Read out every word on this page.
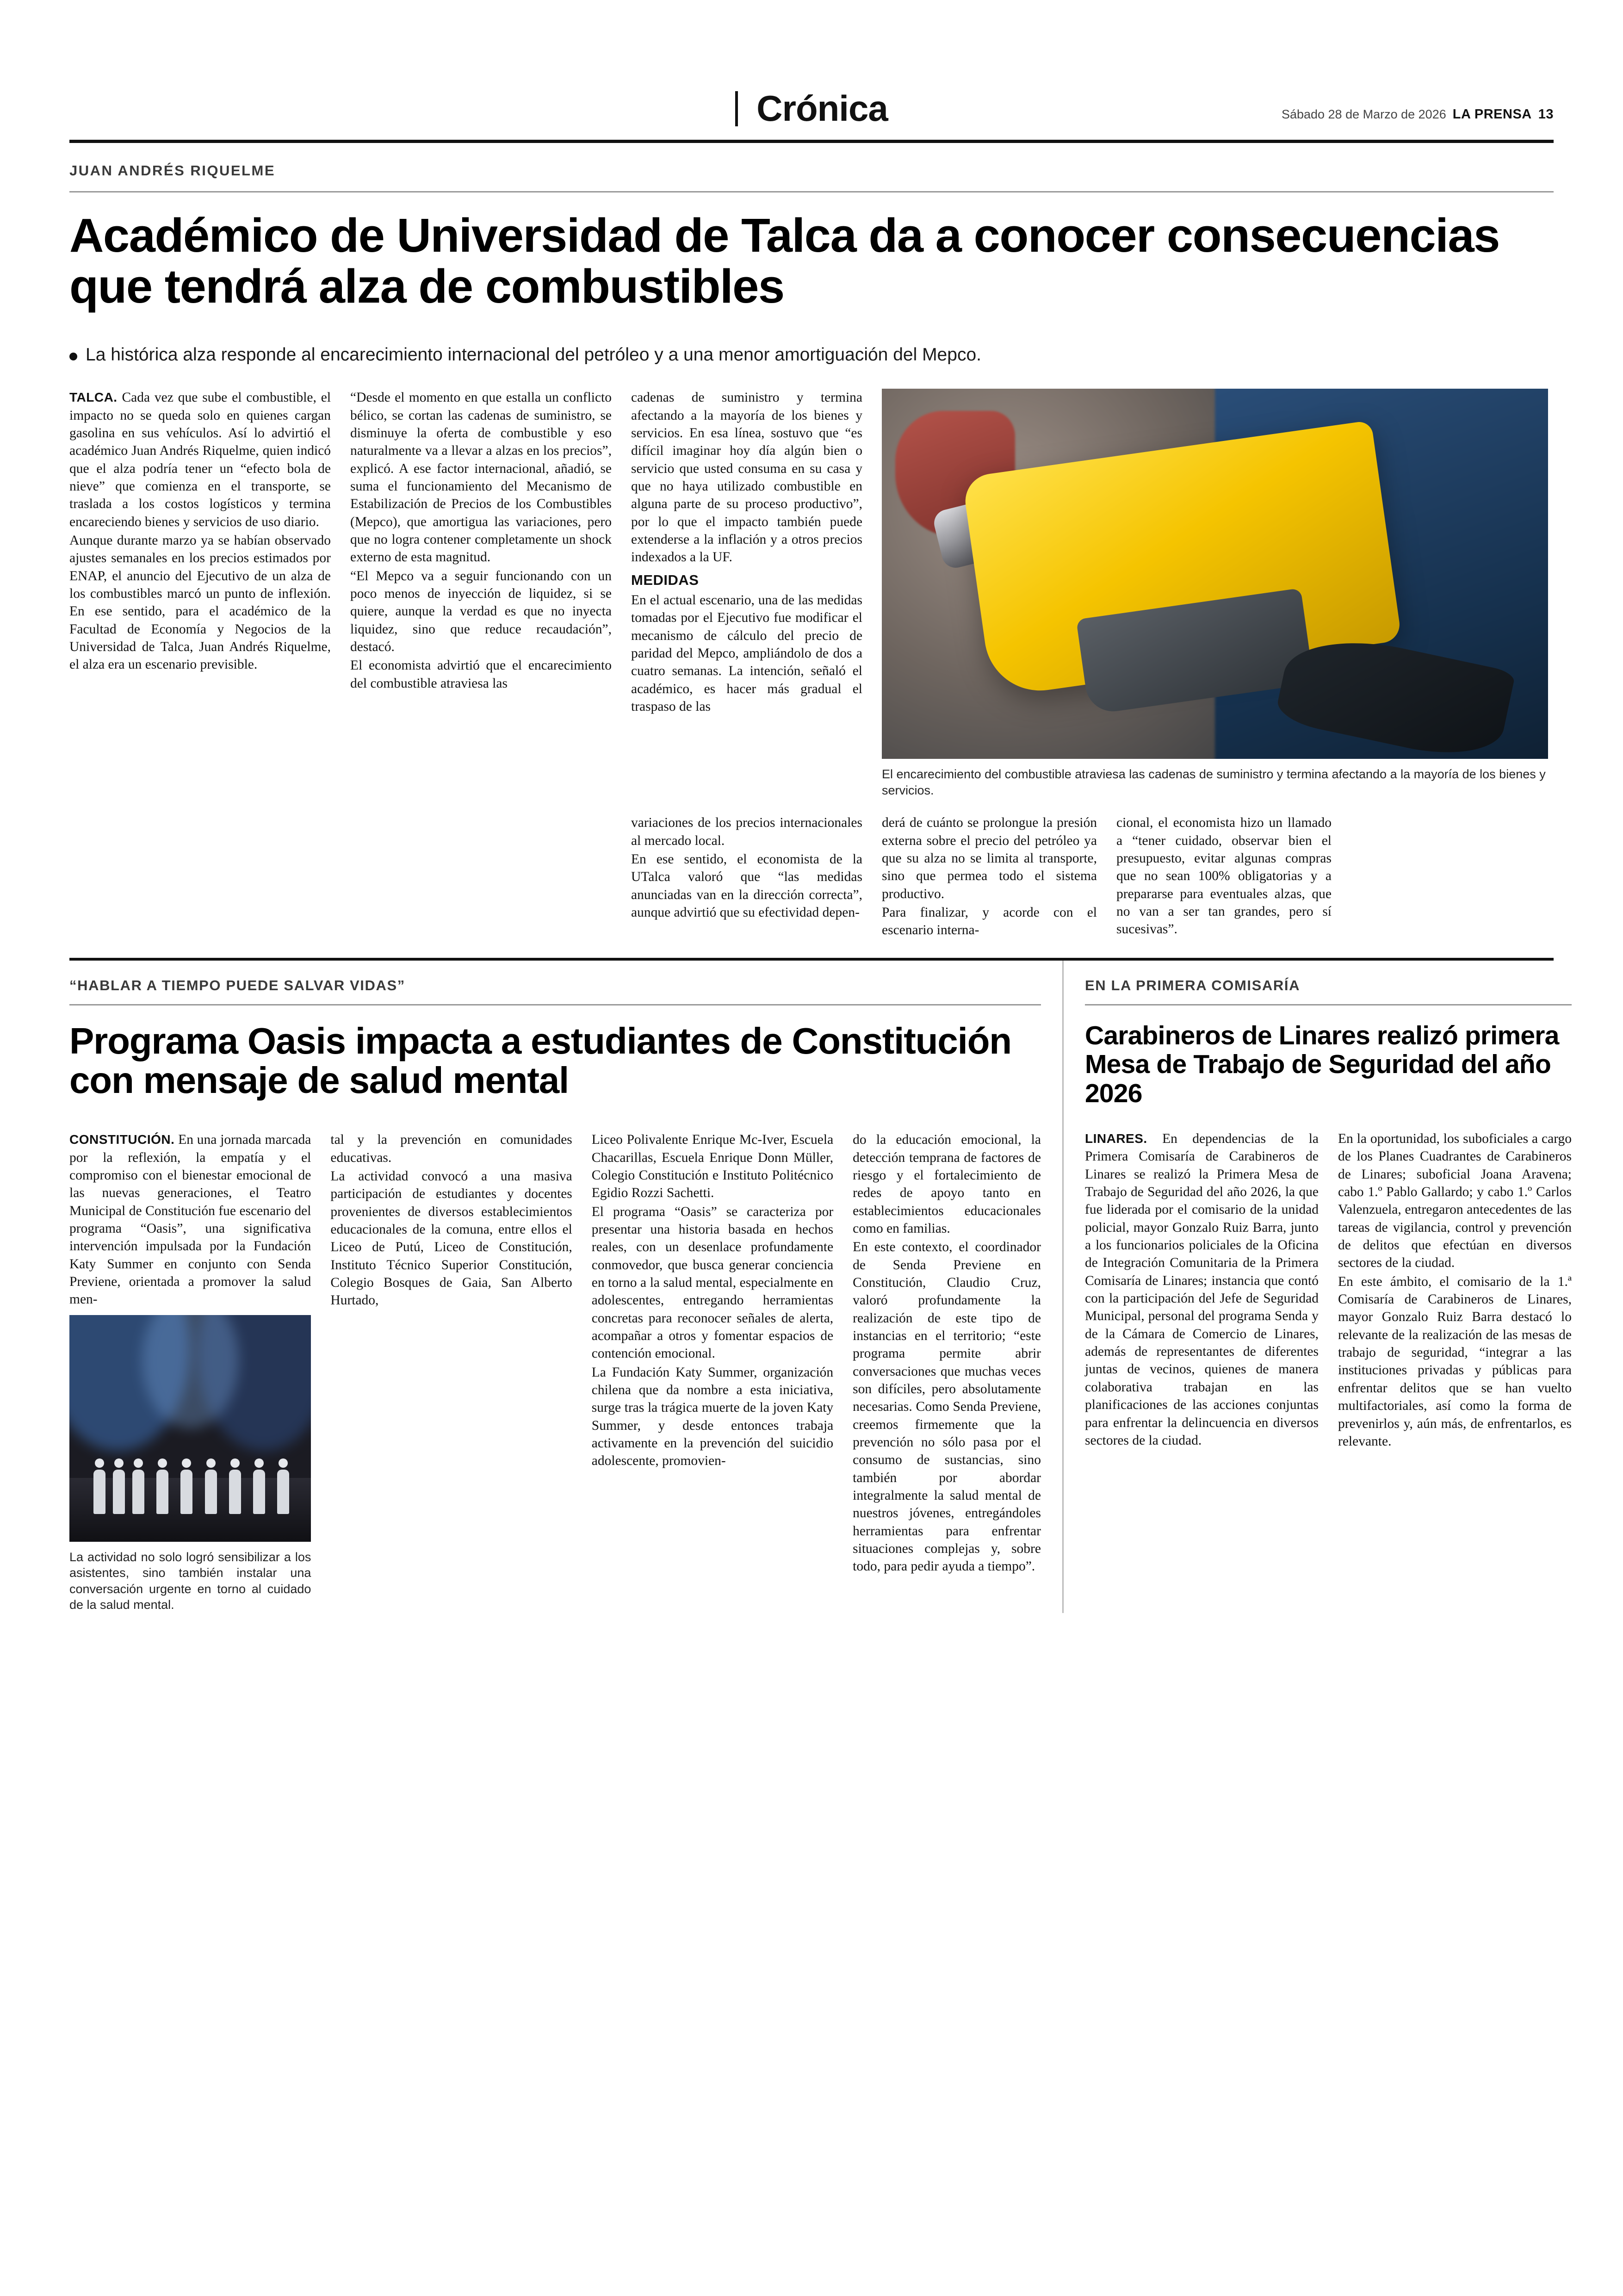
Crónica	Sábado 28 de Marzo de 2026 LA PRENSA 13
JUAN ANDRÉS RIQUELME
Académico de Universidad de Talca da a conocer consecuencias que tendrá alza de combustibles
La histórica alza responde al encarecimiento internacional del petróleo y a una menor amortiguación del Mepco.

TALCA. Cada vez que sube el combustible, el impacto no se queda solo en quienes cargan gasolina en sus vehículos. Así lo advirtió el académico Juan Andrés Riquelme, quien indicó que el alza podría tener un “efecto bola de nieve” que comienza en el transporte, se traslada a los costos logísticos y termina encareciendo bienes y servicios de uso diario.

Aunque durante marzo ya se habían observado ajustes semanales en los precios estimados por ENAP, el anuncio del Ejecutivo de un alza de los combustibles marcó un punto de inflexión. En ese sentido, para el académico de la Facultad de Economía y Negocios de la Universidad de Talca, Juan Andrés Riquelme, el alza era un escenario previsible.

“Desde el momento en que estalla un conflicto bélico, se cortan las cadenas de suministro, se disminuye la oferta de combustible y eso naturalmente va a llevar a alzas en los precios”, explicó. A ese factor internacional, añadió, se suma el funcionamiento del Mecanismo de Estabilización de Precios de los Combustibles (Mepco), que amortigua las variaciones, pero que no logra contener completamente un shock externo de esta magnitud.

“El Mepco va a seguir funcionando con un poco menos de inyección de liquidez, si se quiere, aunque la verdad es que no inyecta liquidez, sino que reduce recaudación”, destacó.

El economista advirtió que el encarecimiento del combustible atraviesa las

cadenas de suministro y termina afectando a la mayoría de los bienes y servicios. En esa línea, sostuvo que “es difícil imaginar hoy día algún bien o servicio que usted consuma en su casa y que no haya utilizado combustible en alguna parte de su proceso productivo”, por lo que el impacto también puede extenderse a la inflación y a otros precios indexados a la UF.

MEDIDAS

En el actual escenario, una de las medidas tomadas por el Ejecutivo fue modificar el mecanismo de cálculo del precio de paridad del Mepco, ampliándolo de dos a cuatro semanas. La intención, señaló el académico, es hacer más gradual el traspaso de las

El encarecimiento del combustible atraviesa las cadenas de suministro y termina afectando a la mayoría de los bienes y servicios.

variaciones de los precios internacionales al mercado local.

En ese sentido, el economista de la UTalca valoró que “las medidas anunciadas van en la dirección correcta”, aunque advirtió que su efectividad depen-

derá de cuánto se prolongue la presión externa sobre el precio del petróleo ya que su alza no se limita al transporte, sino que permea todo el sistema productivo.

Para finalizar, y acorde con el escenario interna-

cional, el economista hizo un llamado a “tener cuidado, observar bien el presupuesto, evitar algunas compras que no sean 100% obligatorias y a prepararse para eventuales alzas, que no van a ser tan grandes, pero sí sucesivas”.

“HABLAR A TIEMPO PUEDE SALVAR VIDAS”
Programa Oasis impacta a estudiantes de Constitución con mensaje de salud mental

CONSTITUCIÓN. En una jornada marcada por la reflexión, la empatía y el compromiso con el bienestar emocional de las nuevas generaciones, el Teatro Municipal de Constitución fue escenario del programa “Oasis”, una significativa intervención impulsada por la Fundación Katy Summer en conjunto con Senda Previene, orientada a promover la salud men-

La actividad no solo logró sensibilizar a los asistentes, sino también instalar una conversación urgente en torno al cuidado de la salud mental.

tal y la prevención en comunidades educativas.

La actividad convocó a una masiva participación de estudiantes y docentes provenientes de diversos establecimientos educacionales de la comuna, entre ellos el Liceo de Putú, Liceo de Constitución, Instituto Técnico Superior Constitución, Colegio Bosques de Gaia, San Alberto Hurtado,

Liceo Polivalente Enrique Mc-Iver, Escuela Chacarillas, Escuela Enrique Donn Müller, Colegio Constitución e Instituto Politécnico Egidio Rozzi Sachetti.

El programa “Oasis” se caracteriza por presentar una historia basada en hechos reales, con un desenlace profundamente conmovedor, que busca generar conciencia en torno a la salud mental, especialmente en adolescentes, entregando herramientas concretas para reconocer señales de alerta, acompañar a otros y fomentar espacios de contención emocional.

La Fundación Katy Summer, organización chilena que da nombre a esta iniciativa, surge tras la trágica muerte de la joven Katy Summer, y desde entonces trabaja activamente en la prevención del suicidio adolescente, promovien-

do la educación emocional, la detección temprana de factores de riesgo y el fortalecimiento de redes de apoyo tanto en establecimientos educacionales como en familias.

En este contexto, el coordinador de Senda Previene en Constitución, Claudio Cruz, valoró profundamente la realización de este tipo de instancias en el territorio; “este programa permite abrir conversaciones que muchas veces son difíciles, pero absolutamente necesarias. Como Senda Previene, creemos firmemente que la prevención no sólo pasa por el consumo de sustancias, sino también por abordar integralmente la salud mental de nuestros jóvenes, entregándoles herramientas para enfrentar situaciones complejas y, sobre todo, para pedir ayuda a tiempo”.

EN LA PRIMERA COMISARÍA
Carabineros de Linares realizó primera Mesa de Trabajo de Seguridad del año 2026

LINARES. En dependencias de la Primera Comisaría de Carabineros de Linares se realizó la Primera Mesa de Trabajo de Seguridad del año 2026, la que fue liderada por el comisario de la unidad policial, mayor Gonzalo Ruiz Barra, junto a los funcionarios policiales de la Oficina de Integración Comunitaria de la Primera Comisaría de Linares; instancia que contó con la participación del Jefe de Seguridad Municipal, personal del programa Senda y de la Cámara de Comercio de Linares, además de representantes de diferentes juntas de vecinos, quienes de manera colaborativa trabajan en las planificaciones de las acciones conjuntas para enfrentar la delincuencia en diversos sectores de la ciudad.

En la oportunidad, los suboficiales a cargo de los Planes Cuadrantes de Carabineros de Linares; suboficial Joana Aravena; cabo 1.º Pablo Gallardo; y cabo 1.º Carlos Valenzuela, entregaron antecedentes de las tareas de vigilancia, control y prevención de delitos que efectúan en diversos sectores de la ciudad.

En este ámbito, el comisario de la 1.ª Comisaría de Carabineros de Linares, mayor Gonzalo Ruiz Barra destacó lo relevante de la realización de las mesas de trabajo de seguridad, “integrar a las instituciones privadas y públicas para enfrentar delitos que se han vuelto multifactoriales, así como la forma de prevenirlos y, aún más, de enfrentarlos, es relevante.
